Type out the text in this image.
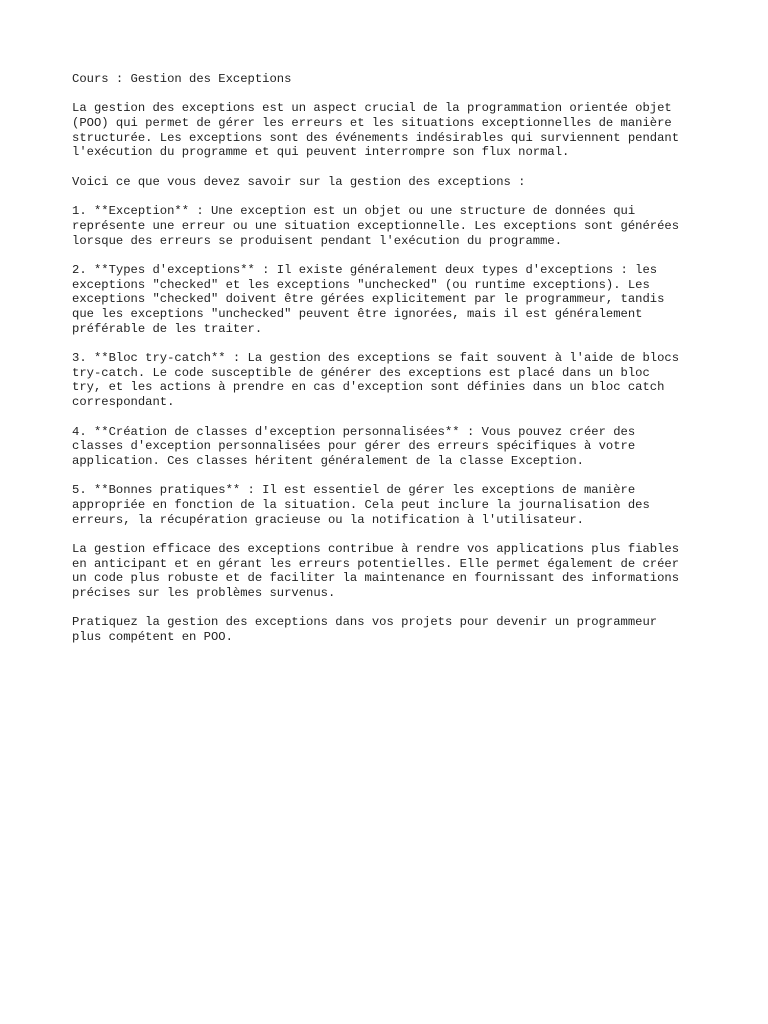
Cours : Gestion des Exceptions
La gestion des exceptions est un aspect crucial de la programmation orientée objet
(POO) qui permet de gérer les erreurs et les situations exceptionnelles de manière
structurée. Les exceptions sont des événements indésirables qui surviennent pendant
l'exécution du programme et qui peuvent interrompre son flux normal.
Voici ce que vous devez savoir sur la gestion des exceptions :
1. **Exception** : Une exception est un objet ou une structure de données qui
représente une erreur ou une situation exceptionnelle. Les exceptions sont générées
lorsque des erreurs se produisent pendant l'exécution du programme.
2. **Types d'exceptions** : Il existe généralement deux types d'exceptions : les
exceptions "checked" et les exceptions "unchecked" (ou runtime exceptions). Les
exceptions "checked" doivent être gérées explicitement par le programmeur, tandis
que les exceptions "unchecked" peuvent être ignorées, mais il est généralement
préférable de les traiter.
3. **Bloc try-catch** : La gestion des exceptions se fait souvent à l'aide de blocs
try-catch. Le code susceptible de générer des exceptions est placé dans un bloc
try, et les actions à prendre en cas d'exception sont définies dans un bloc catch
correspondant.
4. **Création de classes d'exception personnalisées** : Vous pouvez créer des
classes d'exception personnalisées pour gérer des erreurs spécifiques à votre
application. Ces classes héritent généralement de la classe Exception.
5. **Bonnes pratiques** : Il est essentiel de gérer les exceptions de manière
appropriée en fonction de la situation. Cela peut inclure la journalisation des
erreurs, la récupération gracieuse ou la notification à l'utilisateur.
La gestion efficace des exceptions contribue à rendre vos applications plus fiables
en anticipant et en gérant les erreurs potentielles. Elle permet également de créer
un code plus robuste et de faciliter la maintenance en fournissant des informations
précises sur les problèmes survenus.
Pratiquez la gestion des exceptions dans vos projets pour devenir un programmeur
plus compétent en POO.
